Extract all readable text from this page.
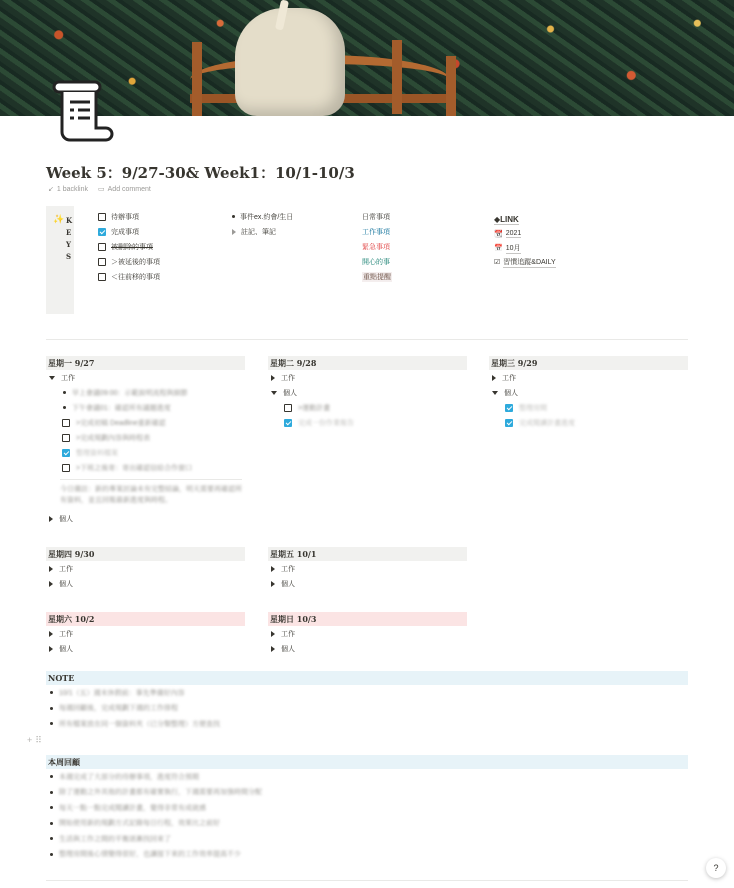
Week 5：9/27-30& Week1：10/1-10/3
↙ 1 backlink ▭ Add comment
✨ K
E
Y
S
待辦事項
完成事項
被刪除的事項
＞被延後的事項
＜往前移的事項
事件ex.約會/生日
註記、筆記
日常事項
工作事項
緊急事項
開心的事
重點提醒
◆LINK
📆 2021
📅 10月
☑ 習慣追蹤&DAILY
星期一 9/27
工作
早上會議09:00：示範說明流程與細節
下午會議01：確認所有議題進度
>完成初稿 Deadline重新確認
>完成規劃內容與時程表
整理資料檔案
>下班之後寄：寄出確認信給合作窗口
今日備註：新的專案討論未有完整結論，明天需要再確認所有資料，並且回報最新進度與時程。
個人
星期二 9/28
工作
個人
>運動計畫
完成一份作業報告
星期三 9/29
工作
個人
整理房間
完成閱讀計畫進度
星期四 9/30
工作
個人
星期五 10/1
工作
個人
星期六 10/2
工作
個人
星期日 10/3
工作
個人
NOTE
10/1（五）週末休假前：事先準備好內容
每週回顧後，完成規劃下週的工作排程
所有檔案放在同一個資料夾（已分類整理）方便查找
+ ⠿
本周回顧
本週完成了大部分的待辦事項，進度符合預期
除了運動之外其他的計畫都有確實執行，下週需要再加強時間分配
每天一點一點完成閱讀計畫，覺得非常有成就感
開始使用新的規劃方式記錄每日行程，效果比之前好
生活與工作之間的平衡逐漸找回來了
整理房間後心情變得很好，也讓接下來的工作效率提高不少
?
